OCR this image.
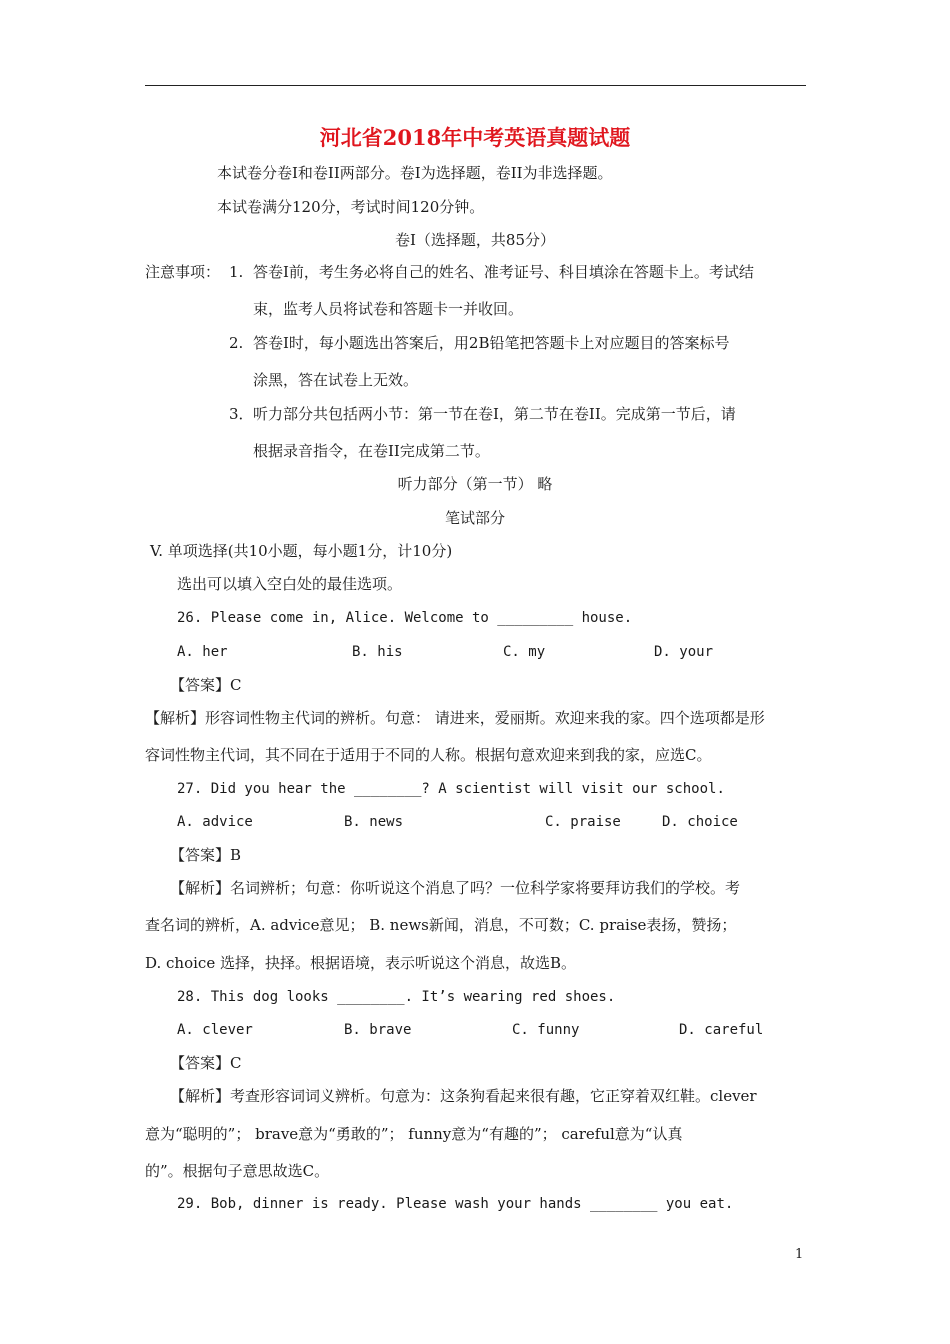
河北省2018年中考英语真题试题
本试卷分卷I和卷II两部分。卷I为选择题，卷II为非选择题。
本试卷满分120分，考试时间120分钟。
卷I（选择题，共85分）
注意事项： 1. 答卷I前，考生务必将自己的姓名、准考证号、科目填涂在答题卡上。考试结
束，监考人员将试卷和答题卡一并收回。
2. 答卷I时，每小题选出答案后，用2B铅笔把答题卡上对应题目的答案标号
涂黑，答在试卷上无效。
3． 听力部分共包括两小节：第一节在卷I，第二节在卷II。完成第一节后，请
根据录音指令，在卷II完成第二节。
听力部分（第一节） 略
笔试部分
V. 单项选择(共10小题，每小题1分，计10分)
选出可以填入空白处的最佳选项。
26. Please come in, Alice. Welcome to _________ house.
A. her	B. his	C. my	D. your
【答案】C
【解析】形容词性物主代词的辨析。句意： 请进来，爱丽斯。欢迎来我的家。四个选项都是形
容词性物主代词，其不同在于适用于不同的人称。根据句意欢迎来到我的家，应选C。
27. Did you hear the ________? A scientist will visit our school.
A. advice	B. news	C. praise	D. choice
【答案】B
【解析】名词辨析；句意：你听说这个消息了吗？一位科学家将要拜访我们的学校。考
查名词的辨析，A. advice意见； B. news新闻，消息，不可数；C. praise表扬，赞扬；
D. choice 选择，抉择。根据语境，表示听说这个消息，故选B。
28. This dog looks ________. It’s wearing red shoes.
A. clever	B. brave	C. funny	D. careful
【答案】C
【解析】考查形容词词义辨析。句意为：这条狗看起来很有趣，它正穿着双红鞋。clever
意为“聪明的”； brave意为“勇敢的”； funny意为“有趣的”； careful意为“认真
的”。根据句子意思故选C。
29. Bob, dinner is ready. Please wash your hands ________ you eat.
1
